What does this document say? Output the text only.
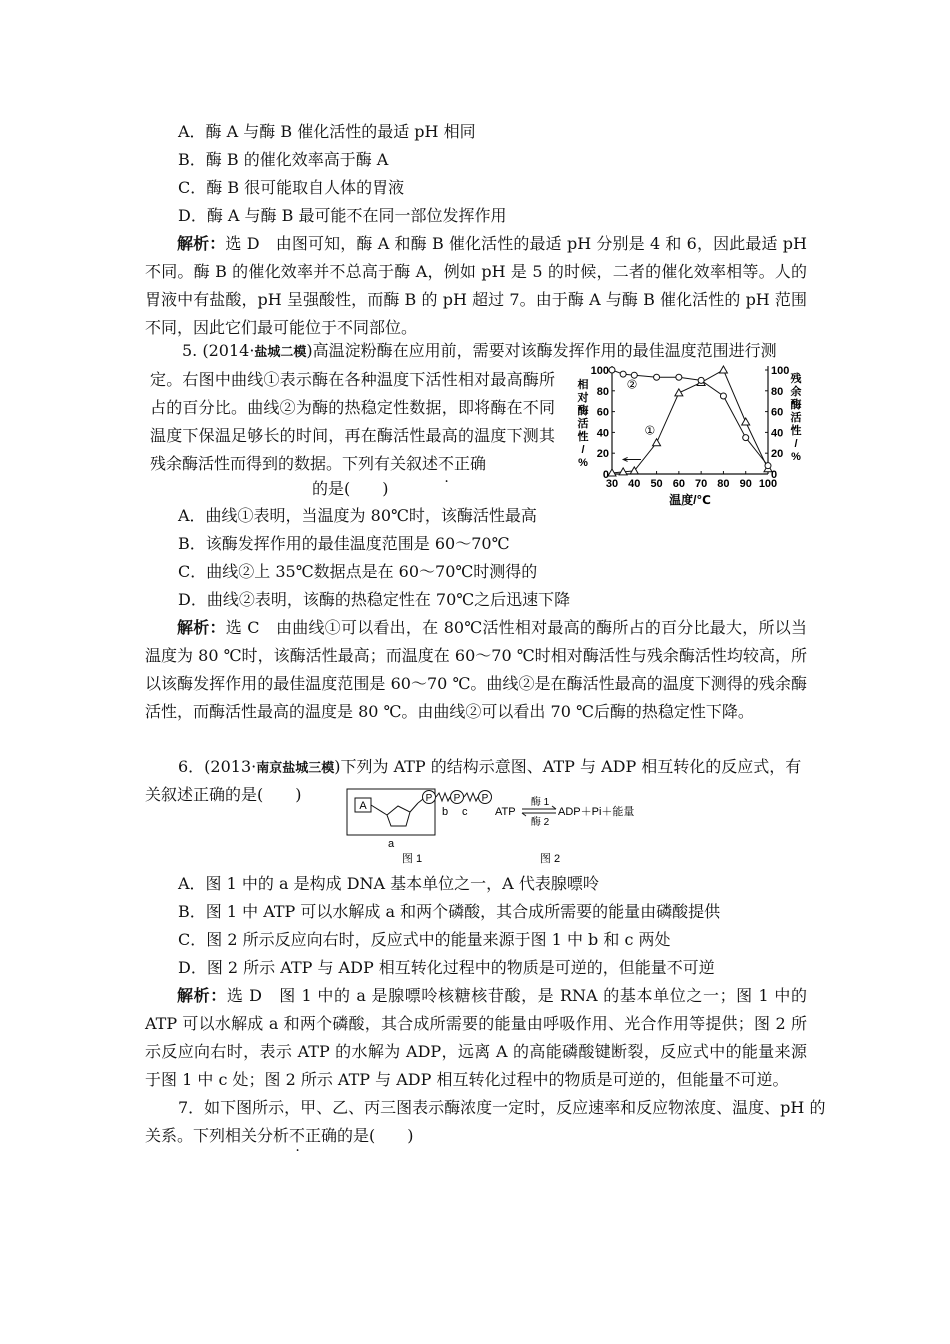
A．酶 A 与酶 B 催化活性的最适 pH 相同
B．酶 B 的催化效率高于酶 A
C．酶 B 很可能取自人体的胃液
D．酶 A 与酶 B 最可能不在同一部位发挥作用
解析：选 D　由图可知，酶 A 和酶 B 催化活性的最适 pH 分别是 4 和 6，因此最适 pH 不同。酶 B 的催化效率并不总高于酶 A，例如 pH 是 5 的时候，二者的催化效率相等。人的胃液中有盐酸，pH 呈强酸性，而酶 B 的 pH 超过 7。由于酶 A 与酶 B 催化活性的 pH 范围不同，因此它们最可能位于不同部位。
5. (2014·盐城二模)高温淀粉酶在应用前，需要对该酶发挥作用的最佳温度范围进行测
定。右图中曲线①表示酶在各种温度下活性相对最高酶所占的百分比。曲线②为酶的热稳定性数据，即将酶在不同温度下保温足够长的时间，再在酶活性最高的温度下测其残余酶活性而得到的数据。下列有关叙述不正确
的是(　　)	30 40 50 60 70 80 90 100
0	0
20	20
40	40
60	60
80	80
100	100
相
对
酶
活
性
/
%
残
余
酶
活
性
/
%
温度/℃
①
②
A．曲线①表明，当温度为 80℃时，该酶活性最高
B．该酶发挥作用的最佳温度范围是 60～70℃
C．曲线②上 35℃数据点是在 60～70℃时测得的
D．曲线②表明，该酶的热稳定性在 70℃之后迅速下降
解析：选 C　由曲线①可以看出，在 80℃活性相对最高的酶所占的百分比最大，所以当温度为 80 ℃时，该酶活性最高；而温度在 60～70 ℃时相对酶活性与残余酶活性均较高，所以该酶发挥作用的最佳温度范围是 60～70 ℃。曲线②是在酶活性最高的温度下测得的残余酶活性，而酶活性最高的温度是 80 ℃。由曲线②可以看出 70 ℃后酶的热稳定性下降。
6．(2013·南京盐城三模)下列为 ATP 的结构示意图、ATP 与 ADP 相互转化的反应式，有
关叙述正确的是(　　)
A
P P P
b c
a
图 1
ATP
酶 1
酶 2
ADP＋Pi＋能量
图 2
A．图 1 中的 a 是构成 DNA 基本单位之一，A 代表腺嘌呤
B．图 1 中 ATP 可以水解成 a 和两个磷酸，其合成所需要的能量由磷酸提供
C．图 2 所示反应向右时，反应式中的能量来源于图 1 中 b 和 c 两处
D．图 2 所示 ATP 与 ADP 相互转化过程中的物质是可逆的，但能量不可逆
解析：选 D　图 1 中的 a 是腺嘌呤核糖核苷酸，是 RNA 的基本单位之一；图 1 中的 ATP 可以水解成 a 和两个磷酸，其合成所需要的能量由呼吸作用、光合作用等提供；图 2 所示反应向右时，表示 ATP 的水解为 ADP，远离 A 的高能磷酸键断裂，反应式中的能量来源于图 1 中 c 处；图 2 所示 ATP 与 ADP 相互转化过程中的物质是可逆的，但能量不可逆。
7．如下图所示，甲、乙、丙三图表示酶浓度一定时，反应速率和反应物浓度、温度、pH 的
关系。下列相关分析不正确的是(　　)
